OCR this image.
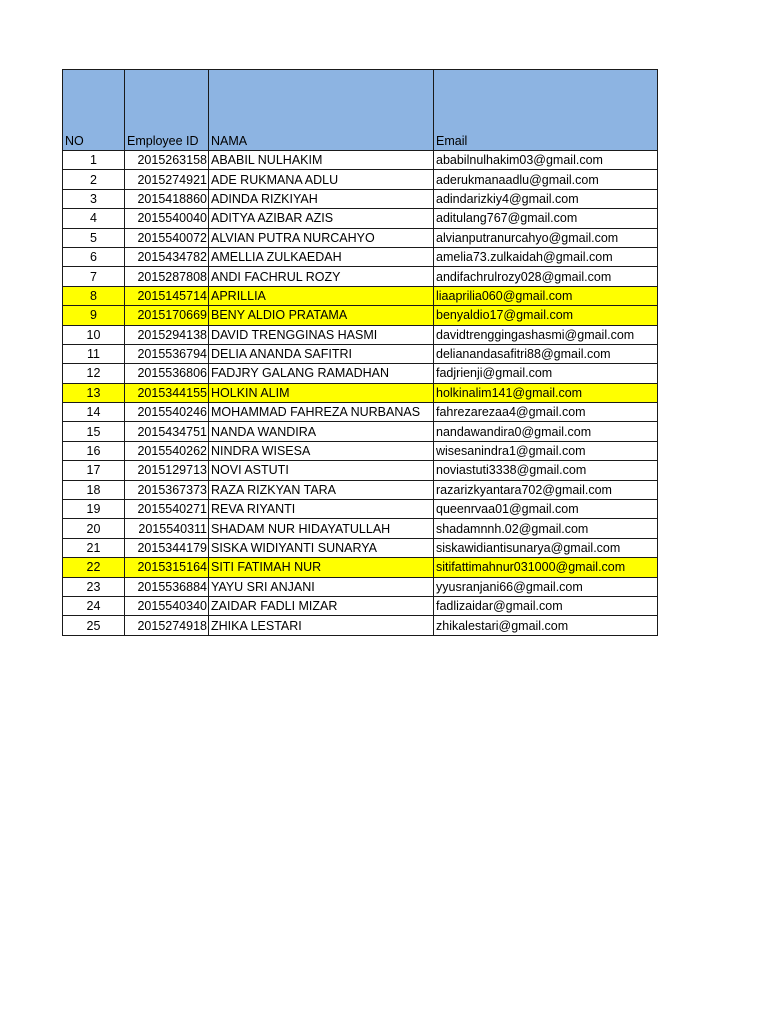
NO	Employee ID	NAMA	Email
1	2015263158	ABABIL NULHAKIM	ababilnulhakim03@gmail.com
2	2015274921	ADE RUKMANA ADLU	aderukmanaadlu@gmail.com
3	2015418860	ADINDA RIZKIYAH	adindarizkiy4@gmail.com
4	2015540040	ADITYA AZIBAR AZIS	aditulang767@gmail.com
5	2015540072	ALVIAN PUTRA NURCAHYO	alvianputranurcahyo@gmail.com
6	2015434782	AMELLIA ZULKAEDAH	amelia73.zulkaidah@gmail.com
7	2015287808	ANDI FACHRUL ROZY	andifachrulrozy028@gmail.com
8	2015145714	APRILLIA	liaaprilia060@gmail.com
9	2015170669	BENY ALDIO PRATAMA	benyaldio17@gmail.com
10	2015294138	DAVID TRENGGINAS HASMI	davidtrenggingashasmi@gmail.com
11	2015536794	DELIA ANANDA SAFITRI	delianandasafitri88@gmail.com
12	2015536806	FADJRY GALANG RAMADHAN	fadjrienji@gmail.com
13	2015344155	HOLKIN ALIM	holkinalim141@gmail.com
14	2015540246	MOHAMMAD FAHREZA NURBANAS	fahrezarezaa4@gmail.com
15	2015434751	NANDA WANDIRA	nandawandira0@gmail.com
16	2015540262	NINDRA WISESA	wisesanindra1@gmail.com
17	2015129713	NOVI ASTUTI	noviastuti3338@gmail.com
18	2015367373	RAZA RIZKYAN TARA	razarizkyantara702@gmail.com
19	2015540271	REVA RIYANTI	queenrvaa01@gmail.com
20	2015540311	SHADAM NUR HIDAYATULLAH	shadamnnh.02@gmail.com
21	2015344179	SISKA WIDIYANTI SUNARYA	siskawidiantisunarya@gmail.com
22	2015315164	SITI FATIMAH NUR	sitifattimahnur031000@gmail.com
23	2015536884	YAYU SRI ANJANI	yyusranjani66@gmail.com
24	2015540340	ZAIDAR FADLI MIZAR	fadlizaidar@gmail.com
25	2015274918	ZHIKA LESTARI	zhikalestari@gmail.com
